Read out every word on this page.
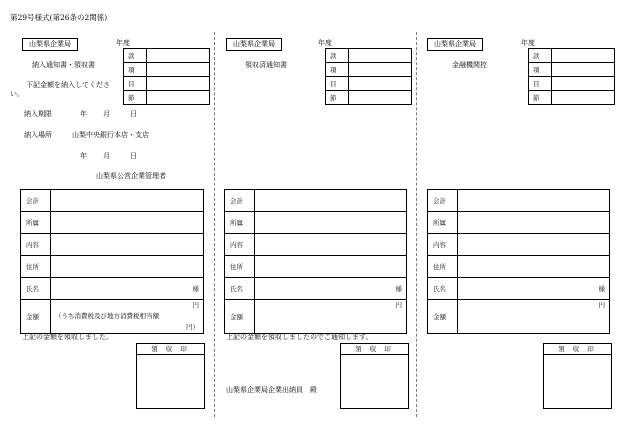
第29号様式(第26条の2関係)
山梨県企業局	年度
款	
項	
目	
節	
納入通知書・領収書
下記金額を納入してください。
納入期限	年 月	日
納入場所	山梨中央銀行本店・支店
年 月	日
山梨県公営企業管理者
会計	
所属	
内容	
住所	
氏名	様
金額	円
（うち消費税及び地方消費税相当額
円）
上記の金額を領収しました。
領 収 印
山梨県企業局	年度
款	
項	
目	
節	
領収済通知書
会計	
所属	
内容	
住所	
氏名	様
金額	円
上記の金額を領収しましたのでご通知します。
領 収 印
山梨県企業局企業出納員　殿
山梨県企業局	年度
款	
項	
目	
節	
金融機関控
会計	
所属	
内容	
住所	
氏名	様
金額	円
領 収 印
